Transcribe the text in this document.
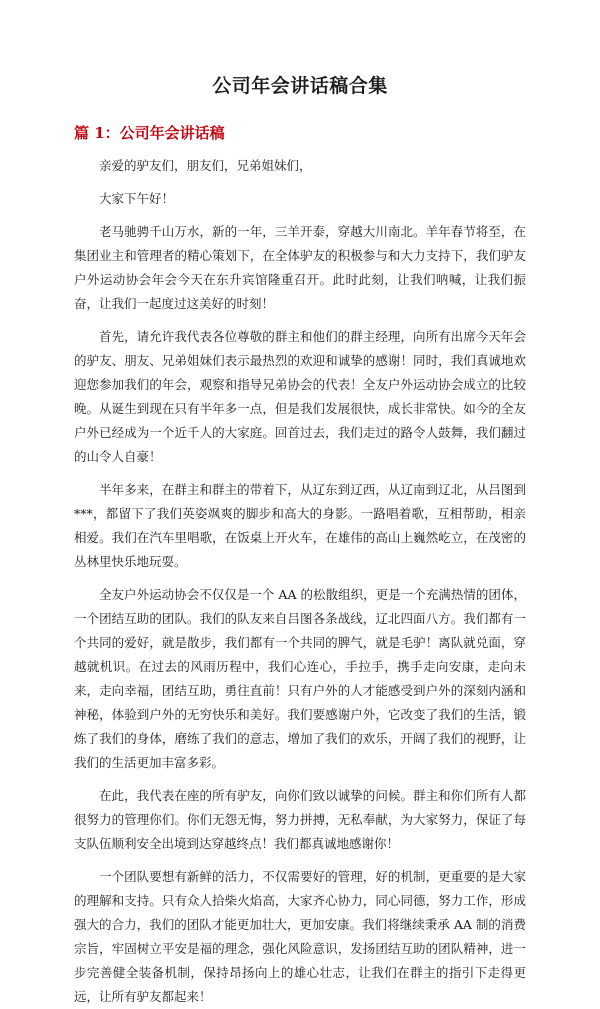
公司年会讲话稿合集
篇 1：公司年会讲话稿

亲爱的驴友们，朋友们，兄弟姐妹们，

大家下午好！

老马驰骋千山万水，新的一年，三羊开泰，穿越大川南北。羊年春节将至，在集团业主和管理者的精心策划下，在全体驴友的积极参与和大力支持下，我们驴友户外运动协会年会今天在东升宾馆隆重召开。此时此刻，让我们呐喊，让我们振奋，让我们一起度过这美好的时刻！

首先，请允许我代表各位尊敬的群主和他们的群主经理，向所有出席今天年会的驴友、朋友、兄弟姐妹们表示最热烈的欢迎和诚挚的感谢！同时，我们真诚地欢迎您参加我们的年会，观察和指导兄弟协会的代表！全友户外运动协会成立的比较晚。从诞生到现在只有半年多一点，但是我们发展很快，成长非常快。如今的全友户外已经成为一个近千人的大家庭。回首过去，我们走过的路令人鼓舞，我们翻过的山令人自豪！

半年多来，在群主和群主的带着下，从辽东到辽西，从辽南到辽北，从吕图到***，都留下了我们英姿飒爽的脚步和高大的身影。一路唱着歌，互相帮助，相亲相爱。我们在汽车里唱歌，在饭桌上开火车，在雄伟的高山上巍然屹立，在茂密的丛林里快乐地玩耍。

全友户外运动协会不仅仅是一个 AA 的松散组织，更是一个充满热情的团体，一个团结互助的团队。我们的队友来自吕图各条战线，辽北四面八方。我们都有一个共同的爱好，就是散步，我们都有一个共同的脾气，就是毛驴！离队就兑面，穿越就机识。在过去的风雨历程中，我们心连心，手拉手，携手走向安康，走向未来，走向幸福，团结互助，勇往直前！只有户外的人才能感受到户外的深刻内涵和神秘，体验到户外的无穷快乐和美好。我们要感谢户外，它改变了我们的生活，锻炼了我们的身体，磨练了我们的意志，增加了我们的欢乐，开阔了我们的视野，让我们的生活更加丰富多彩。

在此，我代表在座的所有驴友，向你们致以诚挚的问候。群主和你们所有人都很努力的管理你们。你们无怨无悔，努力拼搏，无私奉献，为大家努力，保证了每支队伍顺利安全出境到达穿越终点！我们都真诚地感谢你！

一个团队要想有新鲜的活力，不仅需要好的管理，好的机制，更重要的是大家的理解和支持。只有众人拾柴火焰高，大家齐心协力，同心同德，努力工作，形成强大的合力，我们的团队才能更加壮大，更加安康。我们将继续秉承 AA 制的消费宗旨，牢固树立平安是福的理念，强化风险意识，发扬团结互助的团队精神，进一步完善健全装备机制，保持昂扬向上的雄心壮志，让我们在群主的指引下走得更远，让所有驴友都起来！
